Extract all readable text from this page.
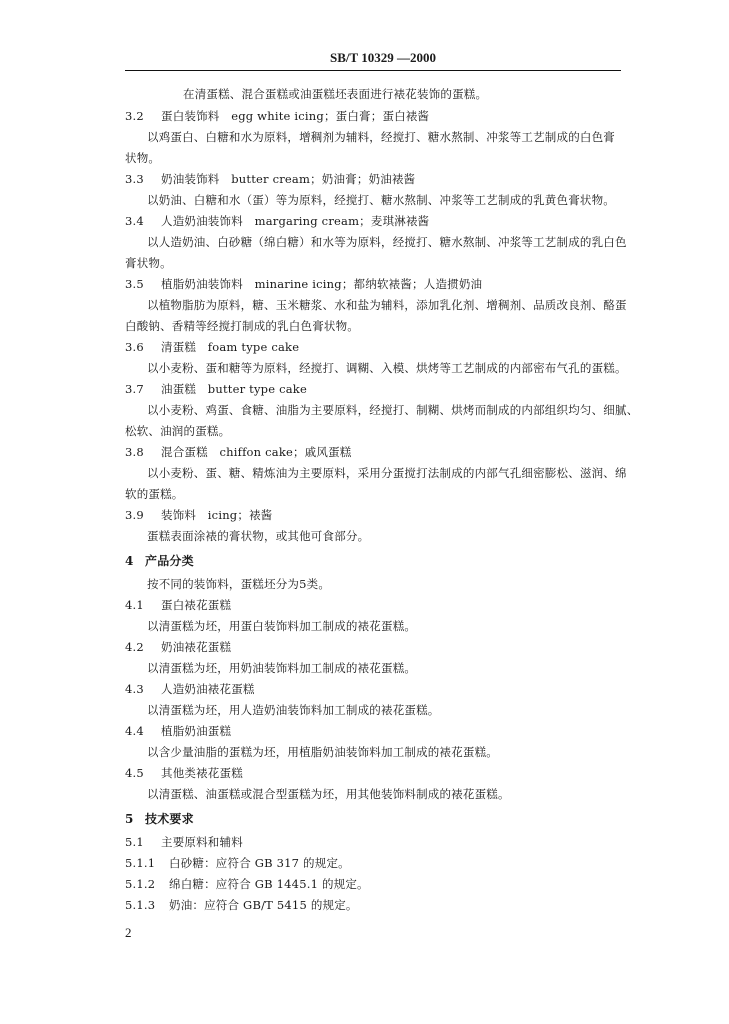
SB/T 10329 —2000
在清蛋糕、混合蛋糕或油蛋糕坯表面进行裱花装饰的蛋糕。
3.2 蛋白装饰料　egg white icing；蛋白膏；蛋白裱酱
以鸡蛋白、白糖和水为原料，增稠剂为辅料，经搅打、糖水熬制、冲浆等工艺制成的白色膏
状物。
3.3 奶油装饰料　butter cream；奶油膏；奶油裱酱
以奶油、白糖和水（蛋）等为原料，经搅打、糖水熬制、冲浆等工艺制成的乳黄色膏状物。
3.4 人造奶油装饰料　margaring cream；麦琪淋裱酱
以人造奶油、白砂糖（绵白糖）和水等为原料，经搅打、糖水熬制、冲浆等工艺制成的乳白色
膏状物。
3.5 植脂奶油装饰料　minarine icing；都纳软裱酱；人造掼奶油
以植物脂肪为原料，糖、玉米糖浆、水和盐为辅料，添加乳化剂、增稠剂、品质改良剂、酪蛋
白酸钠、香精等经搅打制成的乳白色膏状物。
3.6 清蛋糕　foam type cake
以小麦粉、蛋和糖等为原料，经搅打、调糊、入模、烘烤等工艺制成的内部密布气孔的蛋糕。
3.7 油蛋糕　butter type cake
以小麦粉、鸡蛋、食糖、油脂为主要原料，经搅打、制糊、烘烤而制成的内部组织均匀、细腻、
松软、油润的蛋糕。
3.8 混合蛋糕　chiffon cake；戚风蛋糕
以小麦粉、蛋、糖、精炼油为主要原料，采用分蛋搅打法制成的内部气孔细密膨松、滋润、绵
软的蛋糕。
3.9 装饰料　icing；裱酱
蛋糕表面涂裱的膏状物，或其他可食部分。
4 产品分类
按不同的装饰料，蛋糕坯分为5类。
4.1 蛋白裱花蛋糕
以清蛋糕为坯，用蛋白装饰料加工制成的裱花蛋糕。
4.2 奶油裱花蛋糕
以清蛋糕为坯，用奶油装饰料加工制成的裱花蛋糕。
4.3 人造奶油裱花蛋糕
以清蛋糕为坯，用人造奶油装饰料加工制成的裱花蛋糕。
4.4 植脂奶油蛋糕
以含少量油脂的蛋糕为坯，用植脂奶油装饰料加工制成的裱花蛋糕。
4.5 其他类裱花蛋糕
以清蛋糕、油蛋糕或混合型蛋糕为坯，用其他装饰料制成的裱花蛋糕。
5 技术要求
5.1 主要原料和辅料
5.1.1 白砂糖：应符合 GB 317 的规定。
5.1.2 绵白糖：应符合 GB 1445.1 的规定。
5.1.3 奶油：应符合 GB/T 5415 的规定。
2
